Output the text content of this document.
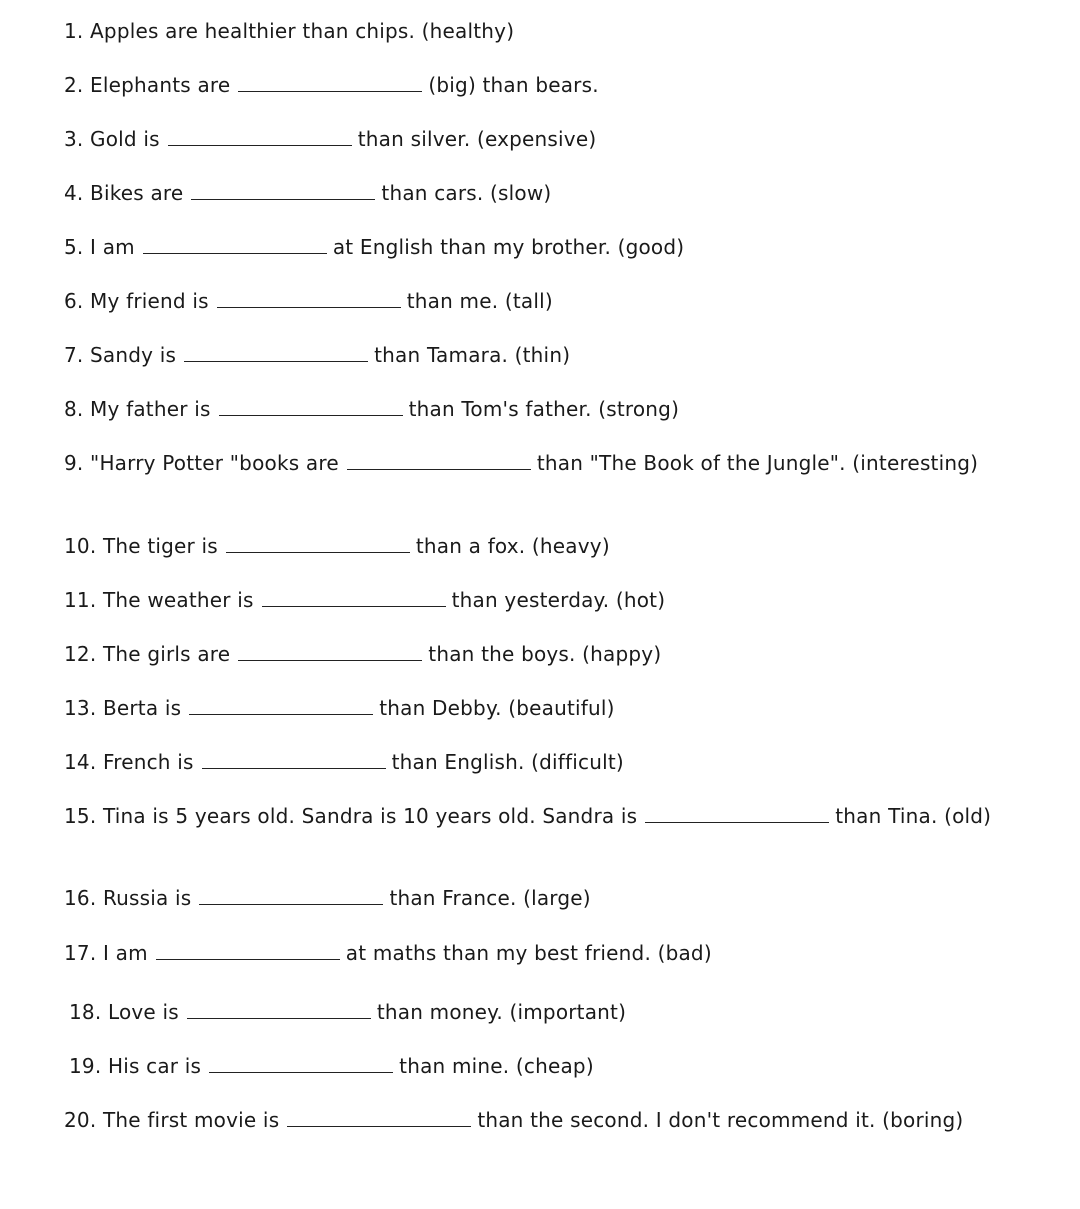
1. Apples are healthier than chips. (healthy)
2. Elephants are	(big) than bears.
3. Gold is	than silver. (expensive)
4. Bikes are	than cars. (slow)
5. I am	at English than my brother. (good)
6. My friend is	than me. (tall)
7. Sandy is	than Tamara. (thin)
8. My father is	than Tom's father. (strong)
9. "Harry Potter "books are	than "The Book of the Jungle". (interesting)
10. The tiger is	than a fox. (heavy)
11. The weather is	than yesterday. (hot)
12. The girls are	than the boys. (happy)
13. Berta is	than Debby. (beautiful)
14. French is	than English. (difficult)
15. Tina is 5 years old. Sandra is 10 years old. Sandra is	than Tina. (old)
16. Russia is	than France. (large)
17. I am	at maths than my best friend. (bad)
18. Love is	than money. (important)
19. His car is	than mine. (cheap)
20. The first movie is	than the second. I don't recommend it. (boring)
